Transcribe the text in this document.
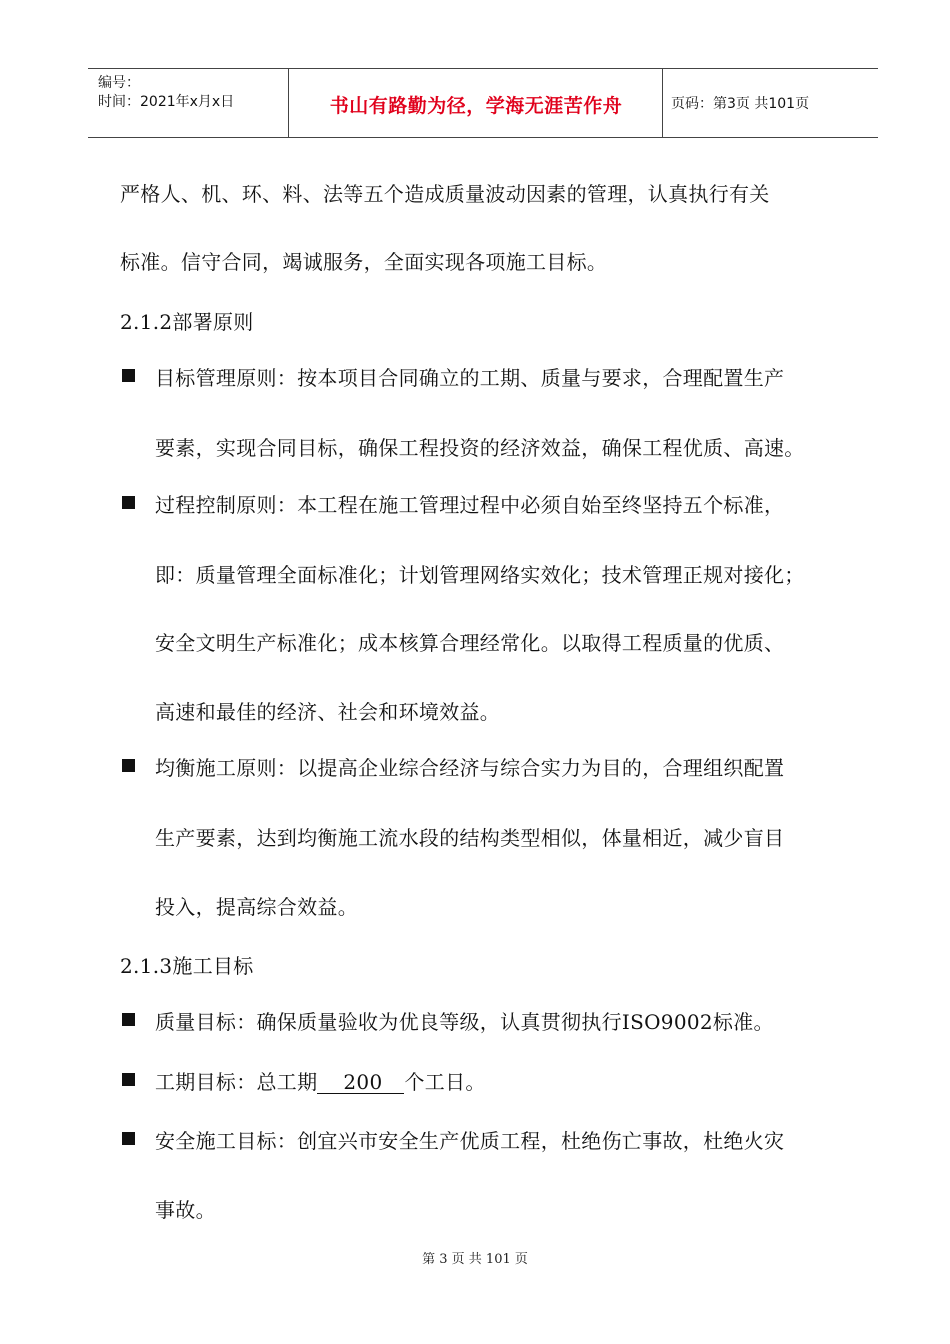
编号：
时间：2021年x月x日	书山有路勤为径，学海无涯苦作舟	页码：第3页 共101页
严格人、机、环、料、法等五个造成质量波动因素的管理，认真执行有关
标准。信守合同，竭诚服务，全面实现各项施工目标。
2.1.2部署原则
目标管理原则：按本项目合同确立的工期、质量与要求，合理配置生产
要素，实现合同目标，确保工程投资的经济效益，确保工程优质、高速。
过程控制原则：本工程在施工管理过程中必须自始至终坚持五个标准，
即：质量管理全面标准化；计划管理网络实效化；技术管理正规对接化；
安全文明生产标准化；成本核算合理经常化。以取得工程质量的优质、
高速和最佳的经济、社会和环境效益。
均衡施工原则：以提高企业综合经济与综合实力为目的，合理组织配置
生产要素，达到均衡施工流水段的结构类型相似，体量相近，减少盲目
投入，提高综合效益。
2.1.3施工目标
质量目标：确保质量验收为优良等级，认真贯彻执行ISO9002标准。
工期目标：总工期 200 个工日。
安全施工目标：创宜兴市安全生产优质工程，杜绝伤亡事故，杜绝火灾
事故。
第 3 页 共 101 页
